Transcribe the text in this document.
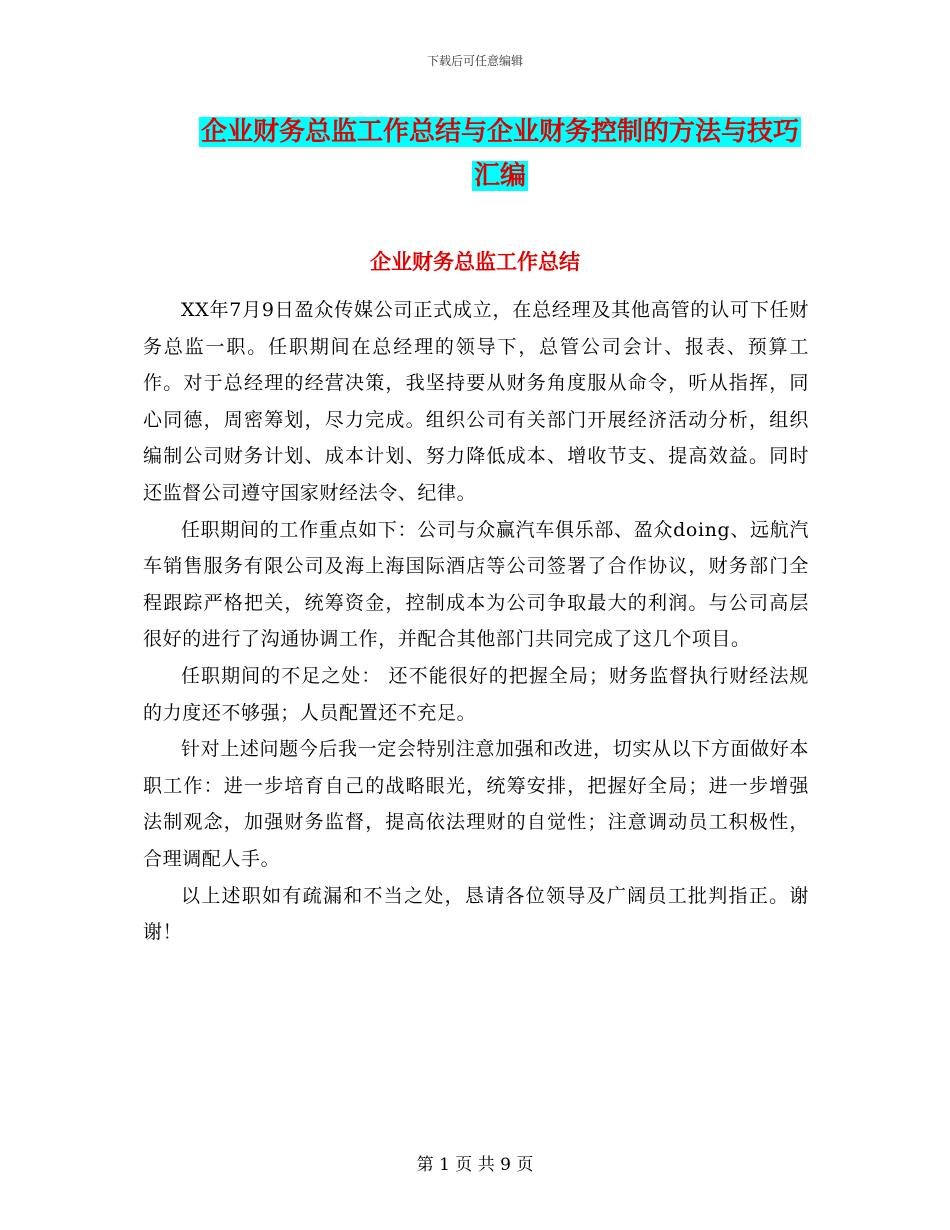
下载后可任意编辑
企业财务总监工作总结与企业财务控制的方法与技巧
汇编
企业财务总监工作总结

XX年7月9日盈众传媒公司正式成立，在总经理及其他高管的认可下任财务总监一职。任职期间在总经理的领导下，总管公司会计、报表、预算工作。对于总经理的经营决策，我坚持要从财务角度服从命令，听从指挥，同心同德，周密筹划，尽力完成。组织公司有关部门开展经济活动分析，组织编制公司财务计划、成本计划、努力降低成本、增收节支、提高效益。同时还监督公司遵守国家财经法令、纪律。

任职期间的工作重点如下：公司与众赢汽车俱乐部、盈众doing、远航汽车销售服务有限公司及海上海国际酒店等公司签署了合作协议，财务部门全程跟踪严格把关，统筹资金，控制成本为公司争取最大的利润。与公司高层很好的进行了沟通协调工作，并配合其他部门共同完成了这几个项目。

任职期间的不足之处： 还不能很好的把握全局；财务监督执行财经法规的力度还不够强；人员配置还不充足。

针对上述问题今后我一定会特别注意加强和改进，切实从以下方面做好本职工作：进一步培育自己的战略眼光，统筹安排，把握好全局；进一步增强法制观念，加强财务监督，提高依法理财的自觉性；注意调动员工积极性，合理调配人手。

以上述职如有疏漏和不当之处，恳请各位领导及广阔员工批判指正。谢谢！

第 1 页 共 9 页
